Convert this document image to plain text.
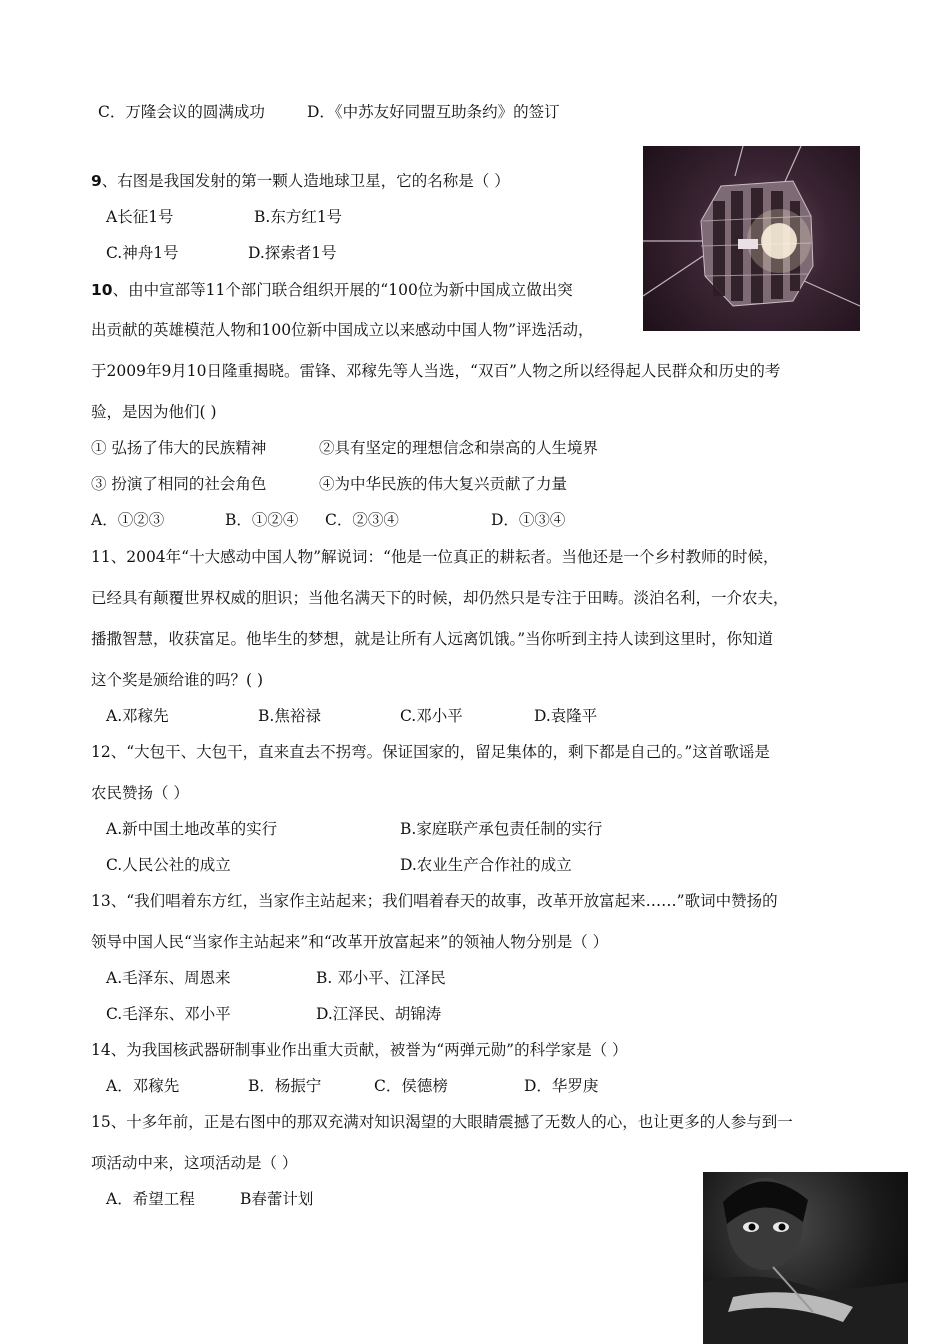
C．万隆会议的圆满成功	D．《中苏友好同盟互助条约》的签订
9、右图是我国发射的第一颗人造地球卫星，它的名称是（ ）
A长征1号	B.东方红1号
C.神舟1号	D.探索者1号
10、由中宣部等11个部门联合组织开展的“100位为新中国成立做出突
出贡献的英雄模范人物和100位新中国成立以来感动中国人物”评选活动，
于2009年9月10日隆重揭晓。雷锋、邓稼先等人当选，“双百”人物之所以经得起人民群众和历史的考
验，是因为他们( )
① 弘扬了伟大的民族精神	②具有坚定的理想信念和崇高的人生境界
③ 扮演了相同的社会角色	④为中华民族的伟大复兴贡献了力量
A．①②③	B．①②④ C．②③④	D．①③④
11、2004年“十大感动中国人物”解说词：“他是一位真正的耕耘者。当他还是一个乡村教师的时候，
已经具有颠覆世界权威的胆识；当他名满天下的时候，却仍然只是专注于田畴。淡泊名利，一介农夫，
播撒智慧，收获富足。他毕生的梦想，就是让所有人远离饥饿。”当你听到主持人读到这里时，你知道
这个奖是颁给谁的吗？( )
A.邓稼先	B.焦裕禄	C.邓小平	D.袁隆平
12、“大包干、大包干，直来直去不拐弯。保证国家的，留足集体的，剩下都是自己的。”这首歌谣是
农民赞扬（ ）
A.新中国土地改革的实行	B.家庭联产承包责任制的实行
C.人民公社的成立	D.农业生产合作社的成立
13、“我们唱着东方红，当家作主站起来；我们唱着春天的故事，改革开放富起来……”歌词中赞扬的
领导中国人民“当家作主站起来”和“改革开放富起来”的领袖人物分别是（ ）
A.毛泽东、周恩来	B. 邓小平、江泽民
C.毛泽东、邓小平	D.江泽民、胡锦涛
14、为我国核武器研制事业作出重大贡献，被誉为“两弹元勋”的科学家是（ ）
A．邓稼先	B．杨振宁	C．侯德榜	D．华罗庚
15、十多年前，正是右图中的那双充满对知识渴望的大眼睛震撼了无数人的心，也让更多的人参与到一
项活动中来，这项活动是（ ）
A．希望工程	B春蕾计划
